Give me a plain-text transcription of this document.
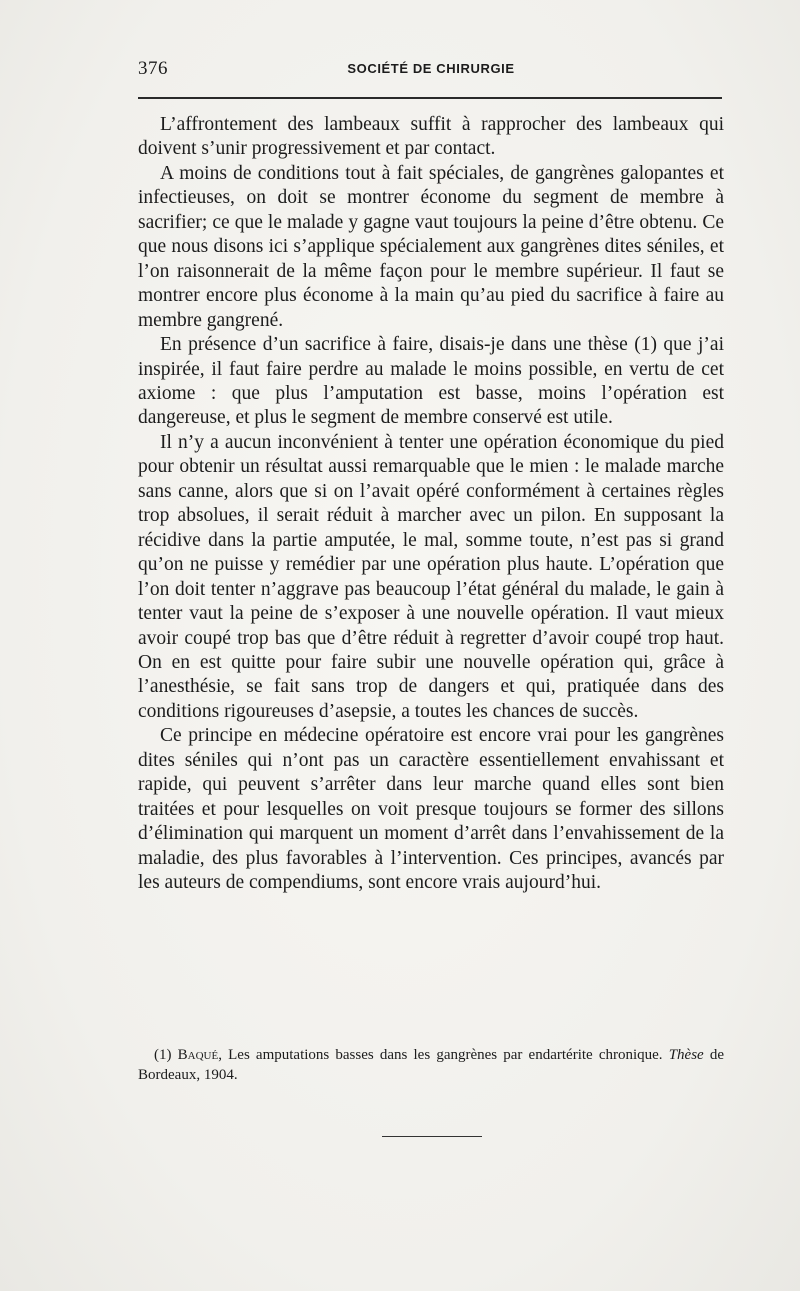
376	SOCIÉTÉ DE CHIRURGIE

L’affrontement des lambeaux suffit à rapprocher des lambeaux qui doivent s’unir progressivement et par contact.

A moins de conditions tout à fait spéciales, de gangrènes galopantes et infectieuses, on doit se montrer économe du segment de membre à sacrifier; ce que le malade y gagne vaut toujours la peine d’être obtenu. Ce que nous disons ici s’applique spécialement aux gangrènes dites séniles, et l’on raisonnerait de la même façon pour le membre supérieur. Il faut se montrer encore plus économe à la main qu’au pied du sacrifice à faire au membre gangrené.

En présence d’un sacrifice à faire, disais-je dans une thèse (1) que j’ai inspirée, il faut faire perdre au malade le moins possible, en vertu de cet axiome : que plus l’amputation est basse, moins l’opération est dangereuse, et plus le segment de membre conservé est utile.

Il n’y a aucun inconvénient à tenter une opération économique du pied pour obtenir un résultat aussi remarquable que le mien : le malade marche sans canne, alors que si on l’avait opéré conformément à certaines règles trop absolues, il serait réduit à marcher avec un pilon. En supposant la récidive dans la partie amputée, le mal, somme toute, n’est pas si grand qu’on ne puisse y remédier par une opération plus haute. L’opération que l’on doit tenter n’aggrave pas beaucoup l’état général du malade, le gain à tenter vaut la peine de s’exposer à une nouvelle opération. Il vaut mieux avoir coupé trop bas que d’être réduit à regretter d’avoir coupé trop haut. On en est quitte pour faire subir une nouvelle opération qui, grâce à l’anesthésie, se fait sans trop de dangers et qui, pratiquée dans des conditions rigoureuses d’asepsie, a toutes les chances de succès.

Ce principe en médecine opératoire est encore vrai pour les gangrènes dites séniles qui n’ont pas un caractère essentiellement envahissant et rapide, qui peuvent s’arrêter dans leur marche quand elles sont bien traitées et pour lesquelles on voit presque toujours se former des sillons d’élimination qui marquent un moment d’arrêt dans l’envahissement de la maladie, des plus favorables à l’intervention. Ces principes, avancés par les auteurs de compendiums, sont encore vrais aujourd’hui.

(1) Baqué, Les amputations basses dans les gangrènes par endartérite chronique. Thèse de Bordeaux, 1904.
